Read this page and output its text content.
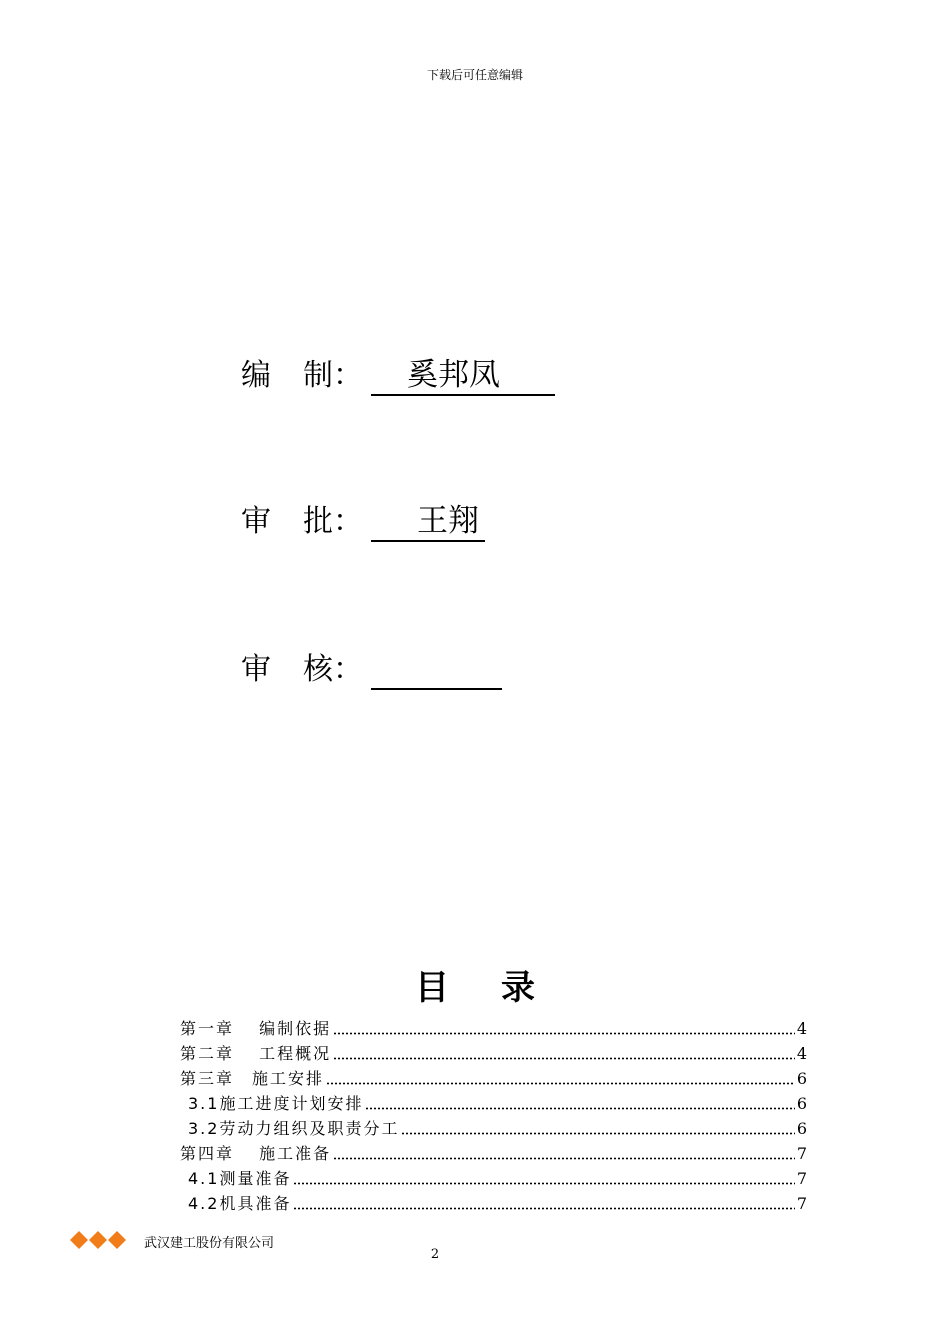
下载后可任意编辑
编 制：	奚邦凤
审 批：	王翔
审 核：
目录
第一章　 编制依据	4
第二章　 工程概况	4
第三章　施工安排	6
3.1施工进度计划安排	6
3.2劳动力组织及职责分工	6
第四章　 施工准备	7
4.1测量准备	7
4.2机具准备	7
武汉建工股份有限公司
2
